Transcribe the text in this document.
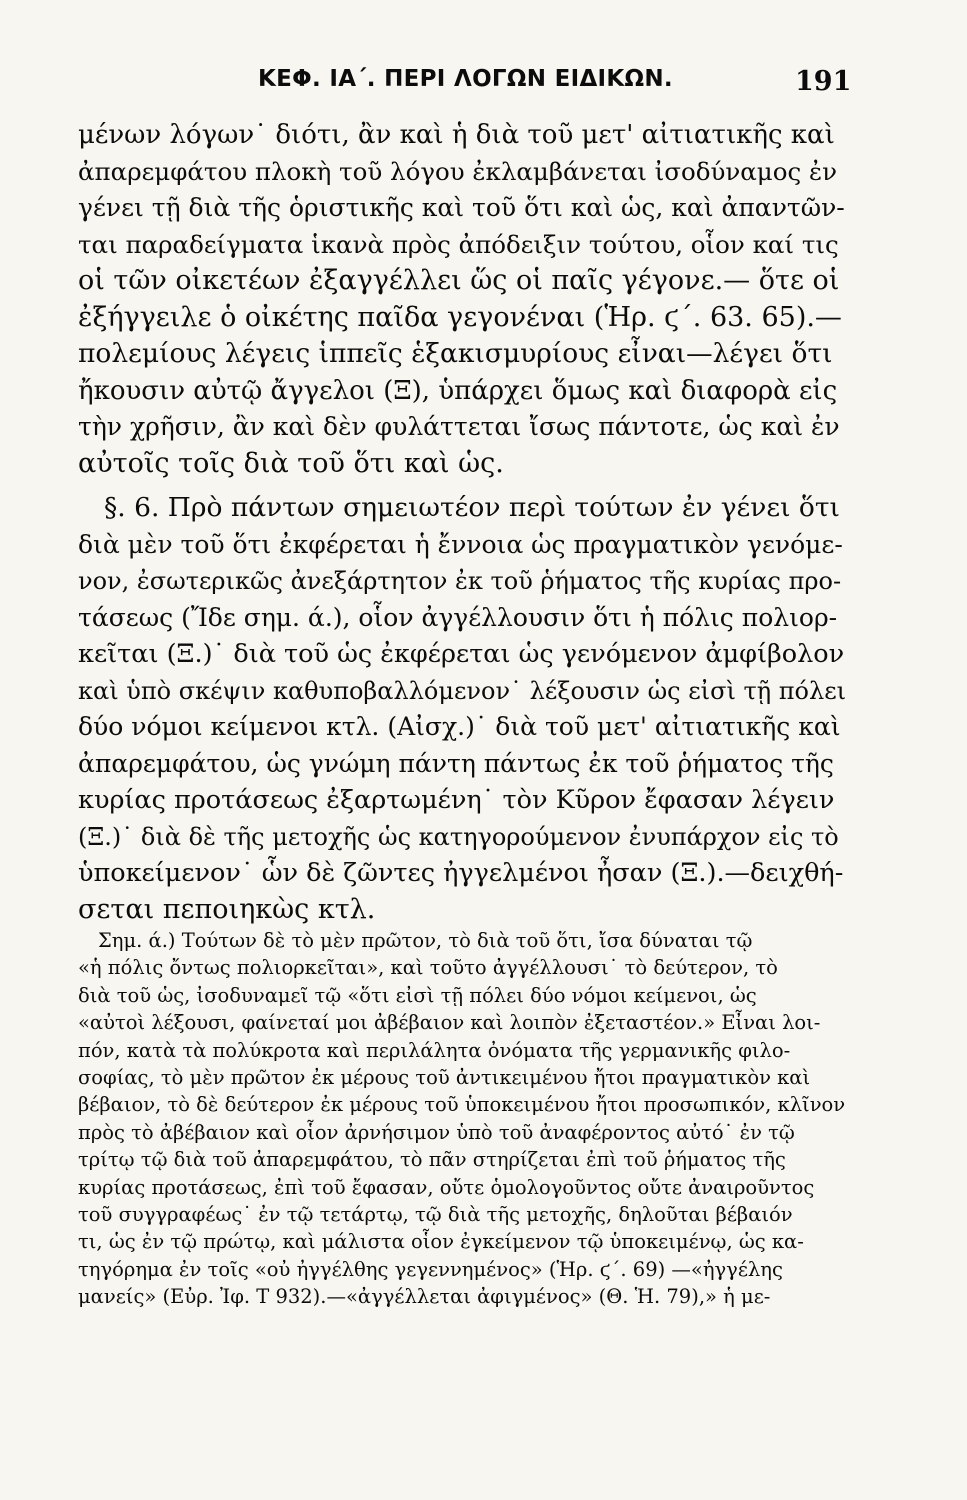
ΚΕΦ. ΙΑ΄. ΠΕΡΙ ΛΟΓΩΝ ΕΙΔΙΚΩΝ.	191
μένων λόγων˙ διότι, ἂν καὶ ἡ διὰ τοῦ μετ' αἰτιατικῆς καὶ
ἀπαρεμφάτου πλοκὴ τοῦ λόγου ἐκλαμβάνεται ἰσοδύναμος ἐν
γένει τῇ διὰ τῆς ὁριστικῆς καὶ τοῦ ὅτι καὶ ὡς, καὶ ἀπαντῶν-
ται παραδείγματα ἱκανὰ πρὸς ἀπόδειξιν τούτου, οἷον καί τις
οἱ τῶν οἰκετέων ἐξαγγέλλει ὥς οἱ παῖς γέγονε.— ὅτε οἱ
ἐξήγγειλε ὁ οἰκέτης παῖδα γεγονέναι (Ἡρ. ϛ΄. 63. 65).—
πολεμίους λέγεις ἱππεῖς ἑξακισμυρίους εἶναι—λέγει ὅτι
ἤκουσιν αὐτῷ ἄγγελοι (Ξ), ὑπάρχει ὅμως καὶ διαφορὰ εἰς
τὴν χρῆσιν, ἂν καὶ δὲν φυλάττεται ἴσως πάντοτε, ὡς καὶ ἐν
αὐτοῖς τοῖς διὰ τοῦ ὅτι καὶ ὡς.
§. 6. Πρὸ πάντων σημειωτέον περὶ τούτων ἐν γένει ὅτι
διὰ μὲν τοῦ ὅτι ἐκφέρεται ἡ ἔννοια ὡς πραγματικὸν γενόμε-
νον, ἐσωτερικῶς ἀνεξάρτητον ἐκ τοῦ ῥήματος τῆς κυρίας προ-
τάσεως (Ἴδε σημ. ά.), οἷον ἀγγέλλουσιν ὅτι ἡ πόλις πολιορ-
κεῖται (Ξ.)˙ διὰ τοῦ ὡς ἐκφέρεται ὡς γενόμενον ἀμφίβολον
καὶ ὑπὸ σκέψιν καθυποβαλλόμενον˙ λέξουσιν ὡς εἰσὶ τῇ πόλει
δύο νόμοι κείμενοι κτλ. (Αἰσχ.)˙ διὰ τοῦ μετ' αἰτιατικῆς καὶ
ἀπαρεμφάτου, ὡς γνώμη πάντη πάντως ἐκ τοῦ ῥήματος τῆς
κυρίας προτάσεως ἐξαρτωμένη˙ τὸν Κῦρον ἔφασαν λέγειν
(Ξ.)˙ διὰ δὲ τῆς μετοχῆς ὡς κατηγορούμενον ἐνυπάρχον εἰς τὸ
ὑποκείμενον˙ ὧν δὲ ζῶντες ἠγγελμένοι ἦσαν (Ξ.).—δειχθή-
σεται πεποιηκὼς κτλ.
Σημ. ά.) Τούτων δὲ τὸ μὲν πρῶτον, τὸ διὰ τοῦ ὅτι, ἴσα δύναται τῷ
«ἡ πόλις ὄντως πολιορκεῖται», καὶ τοῦτο ἀγγέλλουσι˙ τὸ δεύτερον, τὸ
διὰ τοῦ ὡς, ἰσοδυναμεῖ τῷ «ὅτι εἰσὶ τῇ πόλει δύο νόμοι κείμενοι, ὡς
«αὐτοὶ λέξουσι, φαίνεταί μοι ἀβέβαιον καὶ λοιπὸν ἐξεταστέον.» Εἶναι λοι-
πόν, κατὰ τὰ πολύκροτα καὶ περιλάλητα ὀνόματα τῆς γερμανικῆς φιλο-
σοφίας, τὸ μὲν πρῶτον ἐκ μέρους τοῦ ἀντικειμένου ἤτοι πραγματικὸν καὶ
βέβαιον, τὸ δὲ δεύτερον ἐκ μέρους τοῦ ὑποκειμένου ἤτοι προσωπικόν, κλῖνον
πρὸς τὸ ἀβέβαιον καὶ οἷον ἀρνήσιμον ὑπὸ τοῦ ἀναφέροντος αὐτό˙ ἐν τῷ
τρίτῳ τῷ διὰ τοῦ ἀπαρεμφάτου, τὸ πᾶν στηρίζεται ἐπὶ τοῦ ῥήματος τῆς
κυρίας προτάσεως, ἐπὶ τοῦ ἔφασαν, οὔτε ὁμολογοῦντος οὔτε ἀναιροῦντος
τοῦ συγγραφέως˙ ἐν τῷ τετάρτῳ, τῷ διὰ τῆς μετοχῆς, δηλοῦται βέβαιόν
τι, ὡς ἐν τῷ πρώτῳ, καὶ μάλιστα οἷον ἐγκείμενον τῷ ὑποκειμένῳ, ὡς κα-
τηγόρημα ἐν τοῖς «οὐ ἠγγέλθης γεγεννημένος» (Ἡρ. ϛ΄. 69) —«ἠγγέλης
μανείς» (Εὐρ. Ἰφ. Τ 932).—«ἀγγέλλεται ἀφιγμένος» (Θ. Ἡ. 79),» ἡ με-
